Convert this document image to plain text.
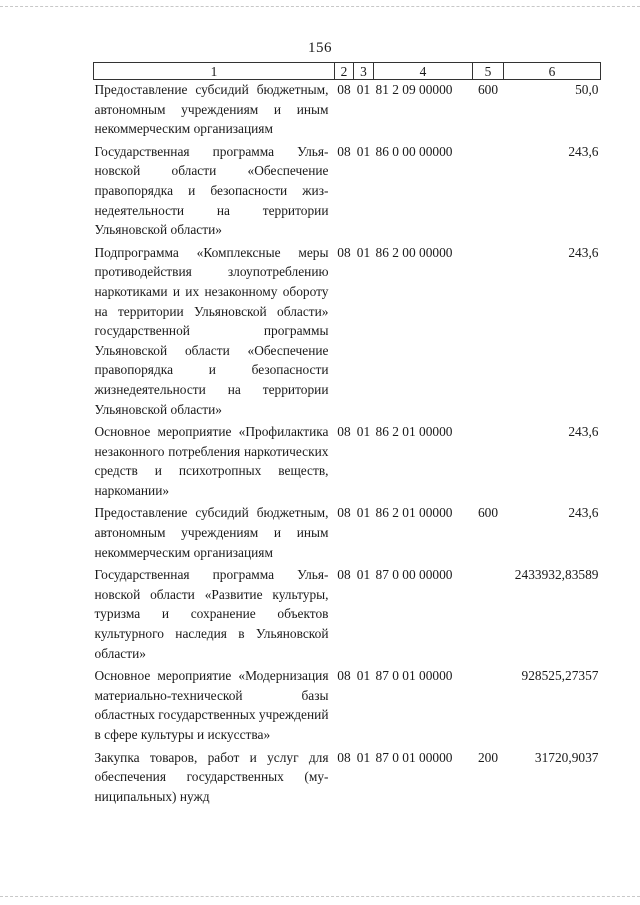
156
1	2	3	4	5	6
Предоставление субсидий бюджетным, автономным учреждениям и иным некоммерческим организациям	08	01	81 2 09 00000	600	50,0
Государственная программа Ульяновской области «Обеспечение правопорядка и безопасности жизнедеятельности на территории Ульяновской области»	08	01	86 0 00 00000		243,6
Подпрограмма «Комплексные меры противодействия злоупотреблению наркотиками и их незаконному обороту на территории Ульяновской области» государственной программы Ульяновской области «Обеспечение правопорядка и безопасности жизнедеятельности на территории Ульяновской области»	08	01	86 2 00 00000		243,6
Основное мероприятие «Профилактика незаконного потребления наркотических средств и психотропных веществ, наркомании»	08	01	86 2 01 00000		243,6
Предоставление субсидий бюджетным, автономным учреждениям и иным некоммерческим организациям	08	01	86 2 01 00000	600	243,6
Государственная программа Ульяновской области «Развитие культуры, туризма и сохранение объектов культурного наследия в Ульяновской области»	08	01	87 0 00 00000		2433932,83589
Основное мероприятие «Модернизация материально-технической базы областных государственных учреждений в сфере культуры и искусства»	08	01	87 0 01 00000		928525,27357
Закупка товаров, работ и услуг для обеспечения государственных (муниципальных) нужд	08	01	87 0 01 00000	200	31720,9037
